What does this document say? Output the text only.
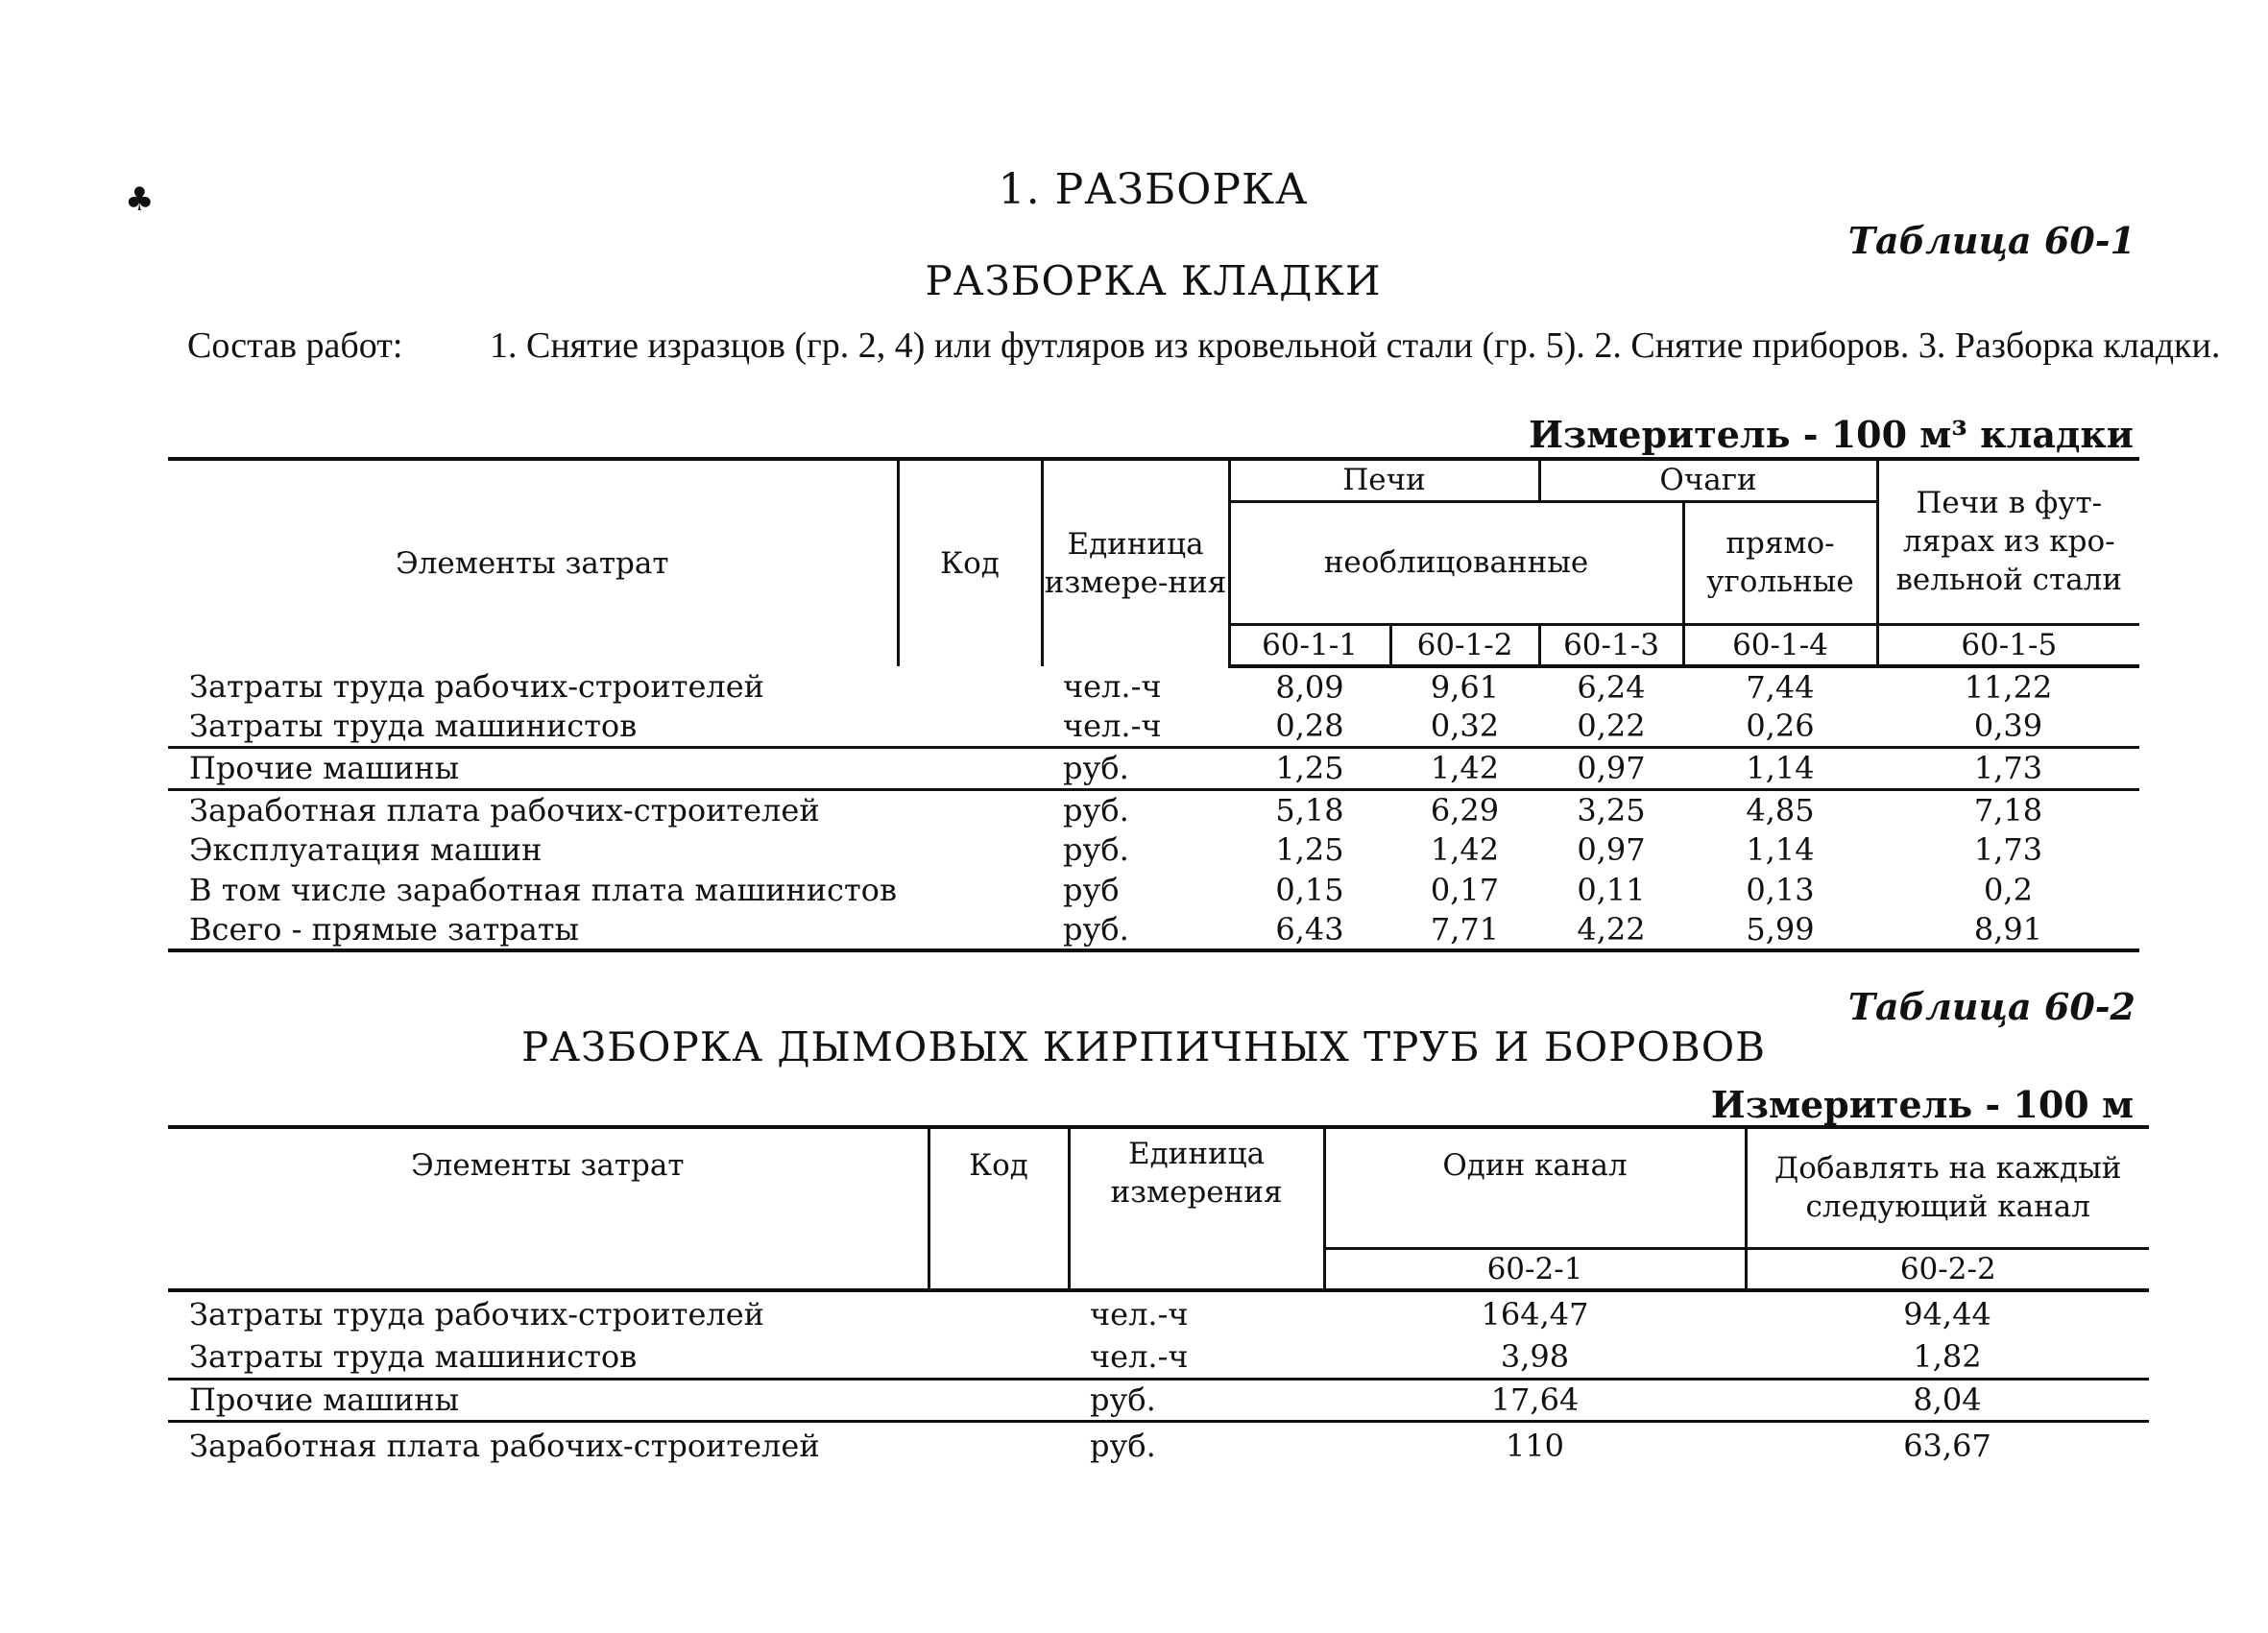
♣	1. РАЗБОРКА
Таблица 60-1
РАЗБОРКА КЛАДКИ
Состав работ: 1. Снятие изразцов (гр. 2, 4) или футляров из кровельной стали (гр. 5). 2. Снятие приборов. 3. Разборка кладки.
Измеритель - 100 м³ кладки
Элементы затрат	Код	Единица измере-ния	Печи		Очаги		Печи в фут-лярах из кро-вельной стали
			необлицованные			прямо-угольные	
			60-1-1	60-1-2	60-1-3	60-1-4	60-1-5
Затраты труда рабочих-строителей		чел.-ч	8,09	9,61	6,24	7,44	11,22
Затраты труда машинистов		чел.-ч	0,28	0,32	0,22	0,26	0,39
Прочие машины		руб.	1,25	1,42	0,97	1,14	1,73
Заработная плата рабочих-строителей		руб.	5,18	6,29	3,25	4,85	7,18
Эксплуатация машин		руб.	1,25	1,42	0,97	1,14	1,73
В том числе заработная плата машинистов		руб	0,15	0,17	0,11	0,13	0,2
Всего - прямые затраты		руб.	6,43	7,71	4,22	5,99	8,91
Таблица 60-2
РАЗБОРКА ДЫМОВЫХ КИРПИЧНЫХ ТРУБ И БОРОВОВ
Измеритель - 100 м
Элементы затрат	Код	Единица измерения	Один канал	Добавлять на каждый следующий канал
			60-2-1	60-2-2
Затраты труда рабочих-строителей		чел.-ч	164,47	94,44
Затраты труда машинистов		чел.-ч	3,98	1,82
Прочие машины		руб.	17,64	8,04
Заработная плата рабочих-строителей		руб.	110	63,67
